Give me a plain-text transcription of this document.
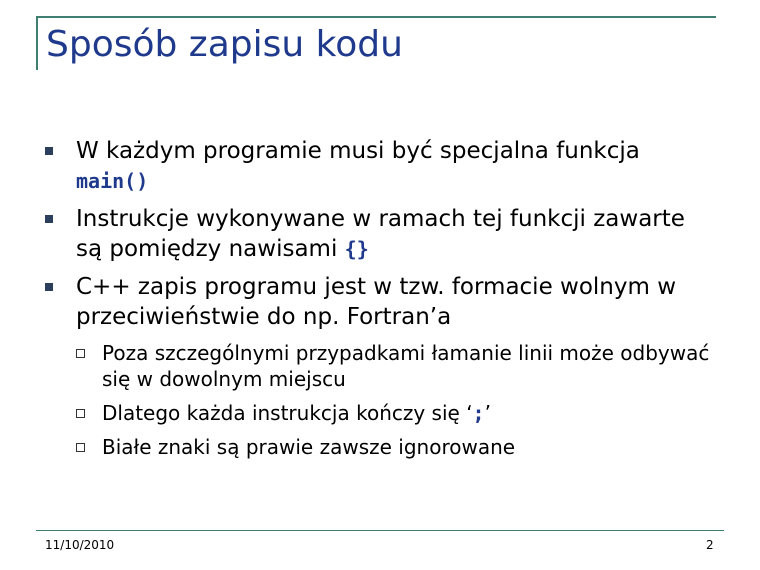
Sposób zapisu kodu
W każdym programie musi być specjalna funkcja main()
Instrukcje wykonywane w ramach tej funkcji zawarte są pomiędzy nawisami {}
C++ zapis programu jest w tzw. formacie wolnym w przeciwieństwie do np. Fortran’a
Poza szczególnymi przypadkami łamanie linii może odbywać się w dowolnym miejscu
Dlatego każda instrukcja kończy się ‘;’
Białe znaki są prawie zawsze ignorowane
11/10/2010	2
